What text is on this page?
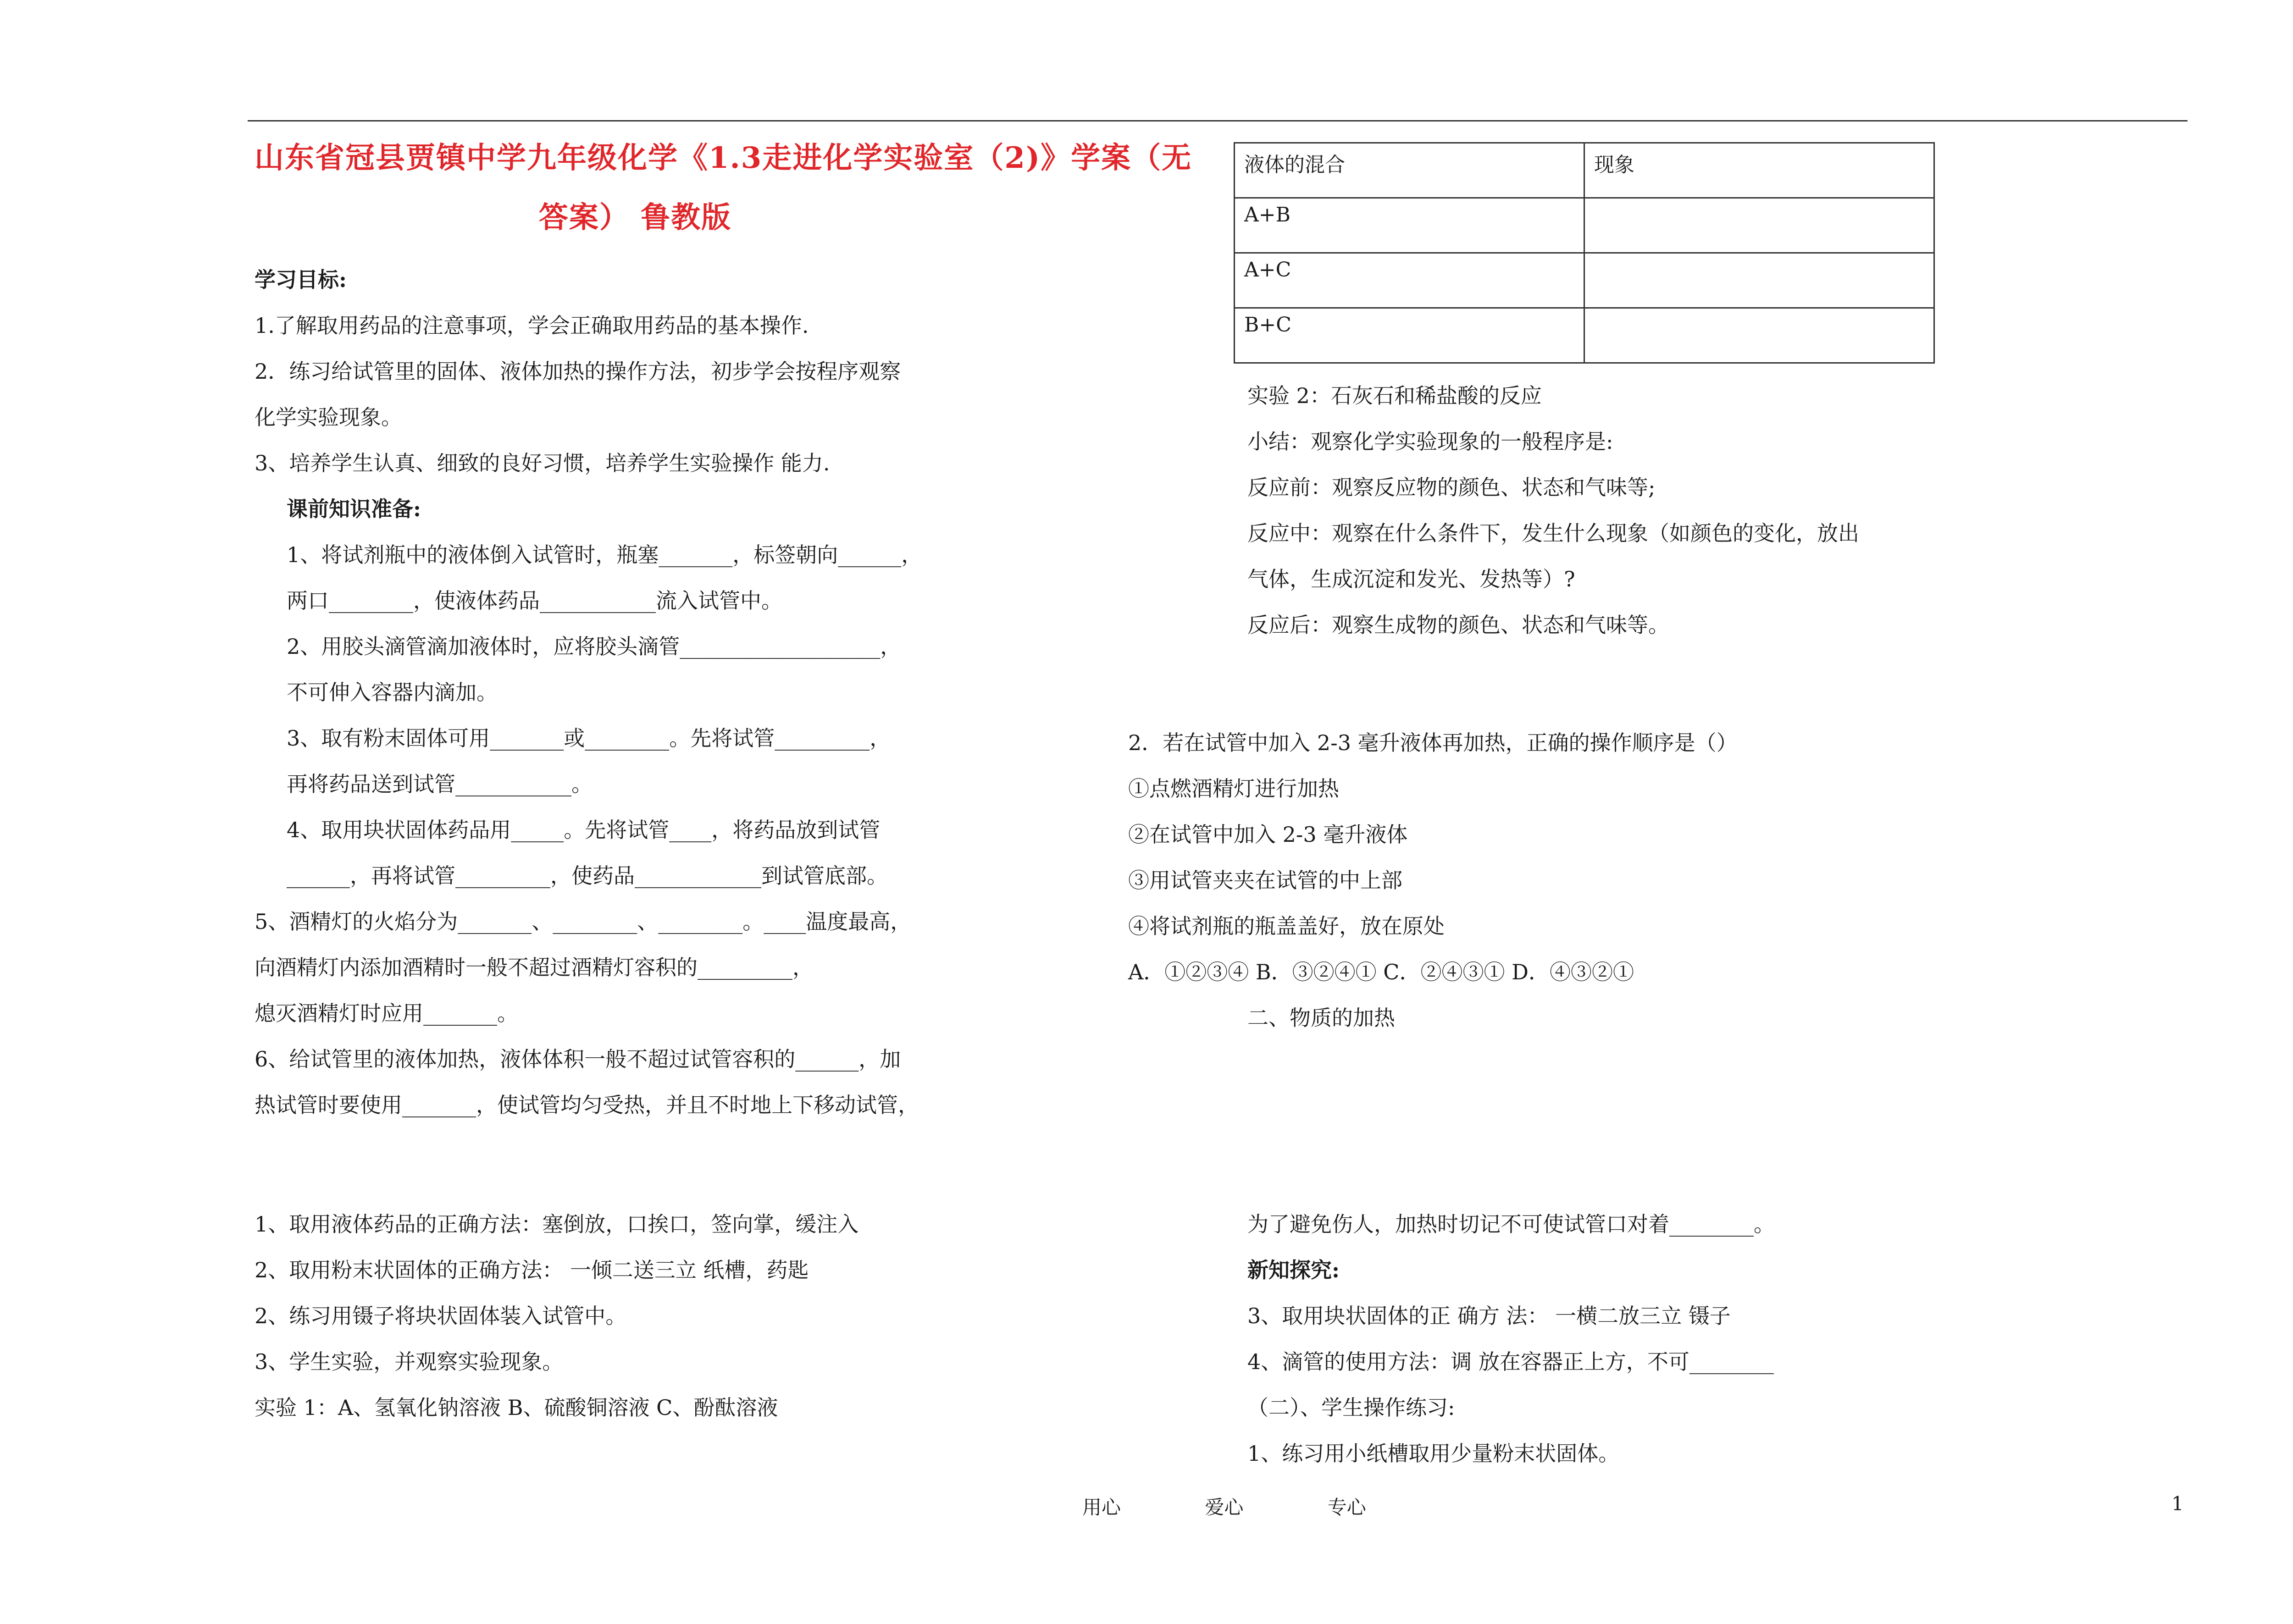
山东省冠县贾镇中学九年级化学《1.3走进化学实验室（2)》学案（无
答案） 鲁教版
学习目标:
1.了解取用药品的注意事项，学会正确取用药品的基本操作.
2．练习给试管里的固体、液体加热的操作方法，初步学会按程序观察
化学实验现象。
3、培养学生认真、细致的良好习惯，培养学生实验操作 能力.
课前知识准备:
1、将试剂瓶中的液体倒入试管时，瓶塞_______，标签朝向______，
两口________，使液体药品___________流入试管中。
2、用胶头滴管滴加液体时，应将胶头滴管___________________，
不可伸入容器内滴加。
3、取有粉末固体可用_______或________。先将试管_________，
再将药品送到试管___________。
4、取用块状固体药品用_____。先将试管____，将药品放到试管
______，再将试管_________，使药品____________到试管底部。
5、酒精灯的火焰分为_______、________、________。____温度最高，
向酒精灯内添加酒精时一般不超过酒精灯容积的_________，
熄灭酒精灯时应用_______。
6、给试管里的液体加热，液体体积一般不超过试管容积的______，加
热试管时要使用_______，使试管均匀受热，并且不时地上下移动试管，
1、取用液体药品的正确方法：塞倒放，口挨口，签向掌，缓注入
2、取用粉末状固体的正确方法： 一倾二送三立 纸槽，药匙
2、练习用镊子将块状固体装入试管中。
3、学生实验，并观察实验现象。
实验 1：A、氢氧化钠溶液 B、硫酸铜溶液 C、酚酞溶液
液体的混合	现象
A+B	
A+C	
B+C	
实验 2：石灰石和稀盐酸的反应
小结：观察化学实验现象的一般程序是:
反应前：观察反应物的颜色、状态和气味等;
反应中：观察在什么条件下，发生什么现象（如颜色的变化，放出
气体，生成沉淀和发光、发热等）?
反应后：观察生成物的颜色、状态和气味等。
2．若在试管中加入 2-3 毫升液体再加热，正确的操作顺序是（）
①点燃酒精灯进行加热
②在试管中加入 2-3 毫升液体
③用试管夹夹在试管的中上部
④将试剂瓶的瓶盖盖好，放在原处
A．①②③④ B．③②④① C．②④③① D．④③②①
二、物质的加热
为了避免伤人，加热时切记不可使试管口对着________。
新知探究:
3、取用块状固体的正 确方 法： 一横二放三立 镊子
4、滴管的使用方法：调 放在容器正上方，不可________
（二）、学生操作练习:
1、练习用小纸槽取用少量粉末状固体。
用心	爱心	专心	1
